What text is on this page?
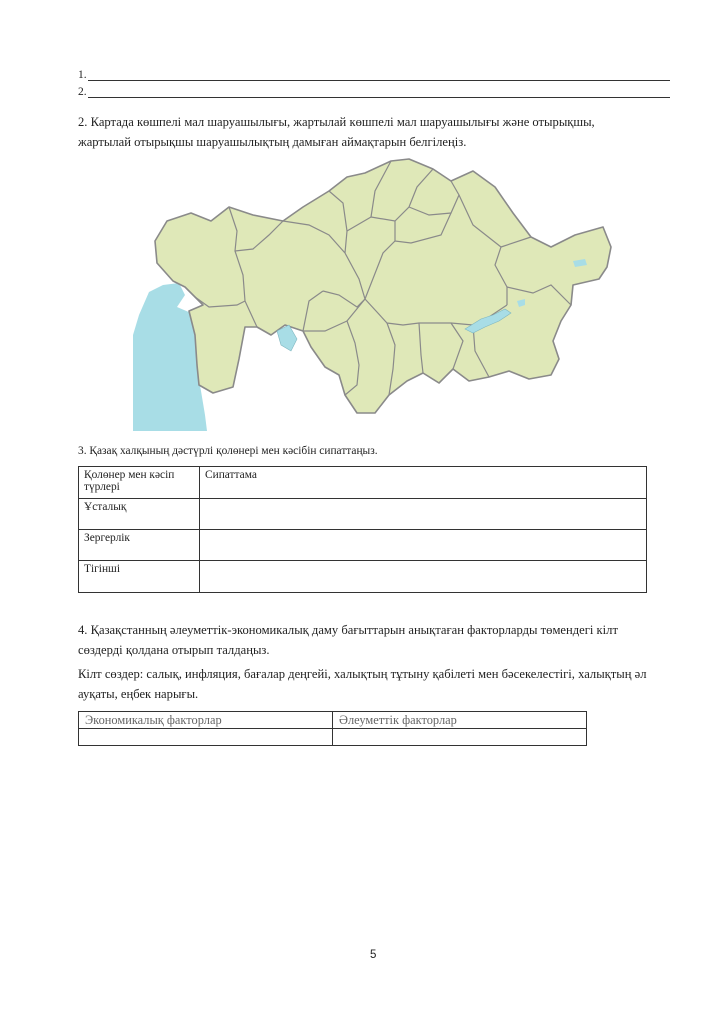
1.
2.

2. Картада көшпелі мал шаруашылығы, жартылай көшпелі мал шаруашылығы және отырықшы, жартылай отырықшы шаруашылықтың дамыған аймақтарын белгілеңіз.

3. Қазақ халқының дәстүрлі қолөнері мен кәсібін сипаттаңыз.

Қолөнер мен кәсіп түрлері	Сипаттама
Ұсталық	
Зергерлік	
Тігінші	

4. Қазақстанның әлеуметтік-экономикалық даму бағыттарын анықтаған факторларды төмендегі кілт сөздерді қолдана отырып талдаңыз.

Кілт сөздер: салық, инфляция, бағалар деңгейі, халықтың тұтыну қабілеті мен бәсекелестігі, халықтың әл ауқаты, еңбек нарығы.

Экономикалық факторлар	Әлеуметтік факторлар

5
